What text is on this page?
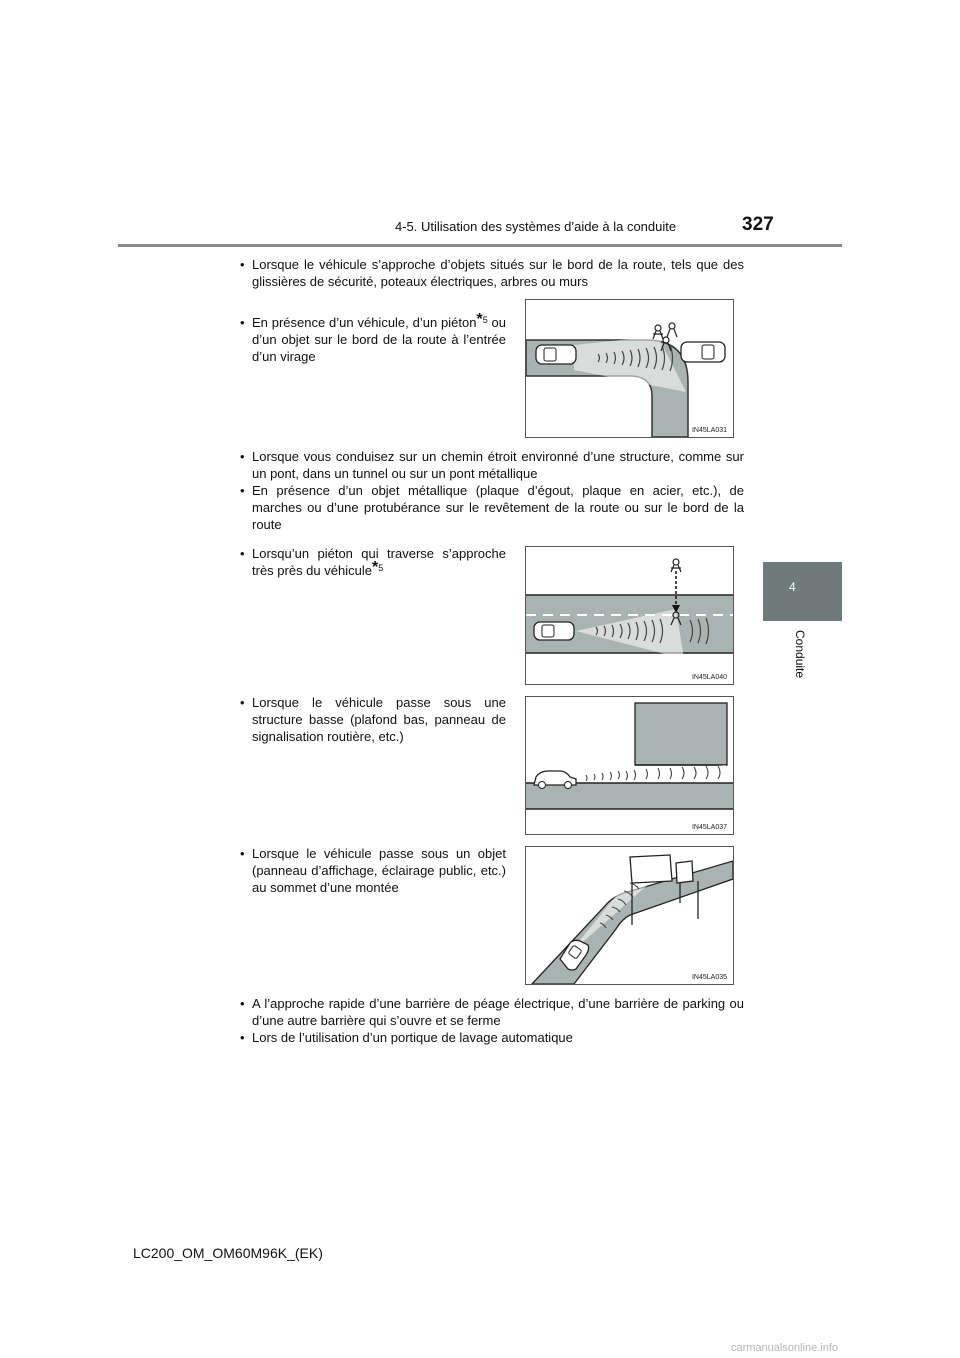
4-5. Utilisation des systèmes d’aide à la conduite	327
4
Conduite
• Lorsque le véhicule s’approche d’objets situés sur le bord de la route, tels que des glissières de sécurité, poteaux électriques, arbres ou murs
• En présence d’un véhicule, d’un piéton*$^5$ ou d’un objet sur le bord de la route à l’entrée d’un virage
IN45LA031
• Lorsque vous conduisez sur un chemin étroit environné d’une structure, comme sur un pont, dans un tunnel ou sur un pont métallique
• En présence d’un objet métallique (plaque d’égout, plaque en acier, etc.), de marches ou d’une protubérance sur le revêtement de la route ou sur le bord de la route
• Lorsqu’un piéton qui traverse s’approche très près du véhicule*$^5$
IN45LA040
• Lorsque le véhicule passe sous une structure basse (plafond bas, panneau de signalisation routière, etc.)
IN45LA037
• Lorsque le véhicule passe sous un objet (panneau d’affichage, éclairage public, etc.) au sommet d’une montée
IN45LA035
• A l’approche rapide d’une barrière de péage électrique, d’une barrière de parking ou d’une autre barrière qui s’ouvre et se ferme
• Lors de l’utilisation d’un portique de lavage automatique
LC200_OM_OM60M96K_(EK)
carmanualsonline.info
